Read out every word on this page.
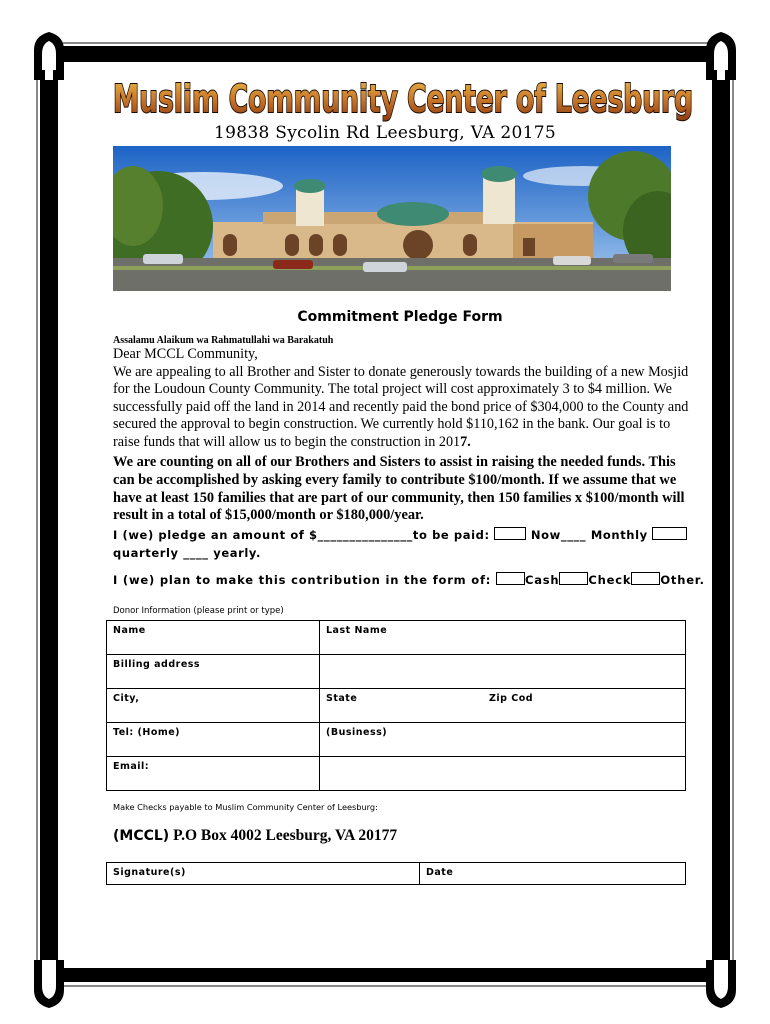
Muslim Community Center of Leesburg
19838 Sycolin Rd Leesburg, VA 20175
Commitment Pledge Form
Assalamu Alaikum wa Rahmatullahi wa Barakatuh
Dear MCCL Community,
We are appealing to all Brother and Sister to donate generously towards the building of a new Mosjid for the Loudoun County Community. The total project will cost approximately 3 to $4 million. We successfully paid off the land in 2014 and recently paid the bond price of $304,000 to the County and secured the approval to begin construction. We currently hold $110,162 in the bank. Our goal is to raise funds that will allow us to begin the construction in 2017.
We are counting on all of our Brothers and Sisters to assist in raising the needed funds. This can be accomplished by asking every family to contribute $100/month. If we assume that we have at least 150 families that are part of our community, then 150 families x $100/month will result in a total of $15,000/month or $180,000/year.
I (we) pledge an amount of $_______________to be paid:	Now____ Monthly
quarterly ____ yearly.
I (we) plan to make this contribution in the form of:	Cash	Check	Other.
Donor Information (please print or type)
Name	Last Name
Billing address	
City,	State Zip Cod
Tel: (Home)	(Business)
Email:	
Make Checks payable to Muslim Community Center of Leesburg:
(MCCL) P.O Box 4002 Leesburg, VA 20177
Signature(s)	Date
